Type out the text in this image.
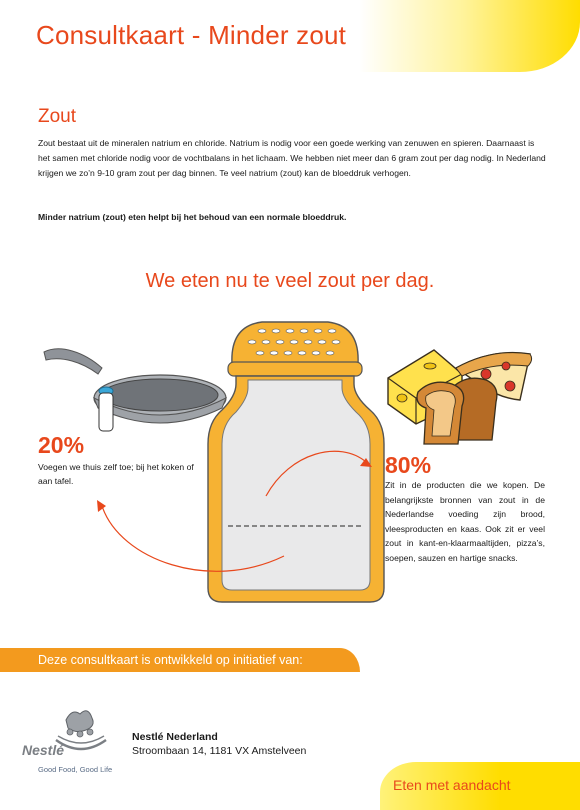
Consultkaart - Minder zout
Zout

Zout bestaat uit de mineralen natrium en chloride. Natrium is nodig voor een goede werking van zenuwen en spieren. Daarnaast is het samen met chloride nodig voor de vochtbalans in het lichaam. We hebben niet meer dan 6 gram zout per dag nodig. In Nederland krijgen we zo’n 9-10 gram zout per dag binnen. Te veel natrium (zout) kan de bloeddruk verhogen.

Minder natrium (zout) eten helpt bij het behoud van een normale bloeddruk.

We eten nu te veel zout per dag.
20%

Voegen we thuis zelf toe; bij het koken of aan tafel.

80%

Zit in de producten die we kopen. De belangrijkste bronnen van zout in de Nederlandse voeding zijn brood, vleesproducten en kaas. Ook zit er veel zout in kant-en-klaarmaaltijden, pizza’s, soepen, sauzen en hartige snacks.

Deze consultkaart is ontwikkeld op initiatief van:
Nestlé
Good Food, Good Life
Nestlé Nederland
Stroombaan 14, 1181 VX Amstelveen
Eten met aandacht
